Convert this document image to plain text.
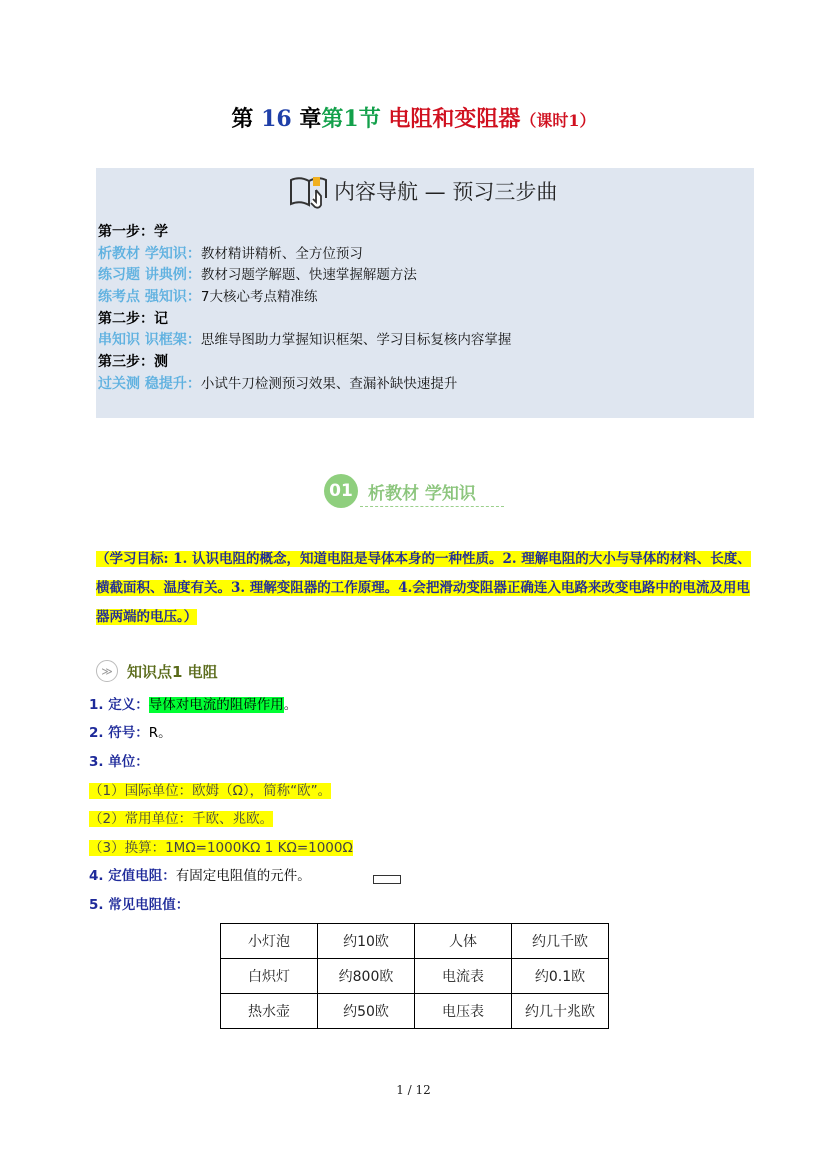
第 16 章第1节 电阻和变阻器（课时1）
内容导航 — 预习三步曲
第一步：学
析教材 学知识：教材精讲精析、全方位预习
练习题 讲典例：教材习题学解题、快速掌握解题方法
练考点 强知识：7大核心考点精准练
第二步：记
串知识 识框架：思维导图助力掌握知识框架、学习目标复核内容掌握
第三步：测
过关测 稳提升：小试牛刀检测预习效果、查漏补缺快速提升
01 析教材 学知识
（学习目标: 1. 认识电阻的概念，知道电阻是导体本身的一种性质。2. 理解电阻的大小与导体的材料、长度、横截面积、温度有关。3. 理解变阻器的工作原理。4.会把滑动变阻器正确连入电路来改变电路中的电流及用电器两端的电压。）
≫ 知识点1 电阻
1. 定义：导体对电流的阻碍作用。
2. 符号：R。
3. 单位：
（1）国际单位：欧姆（Ω），简称“欧”。
（2）常用单位：千欧、兆欧。
（3）换算：1MΩ=1000KΩ 1 KΩ=1000Ω
4. 定值电阻：有固定电阻值的元件。
5. 常见电阻值：
小灯泡	约10欧	人体	约几千欧
白炽灯	约800欧	电流表	约0.1欧
热水壶	约50欧	电压表	约几十兆欧
1 / 12
